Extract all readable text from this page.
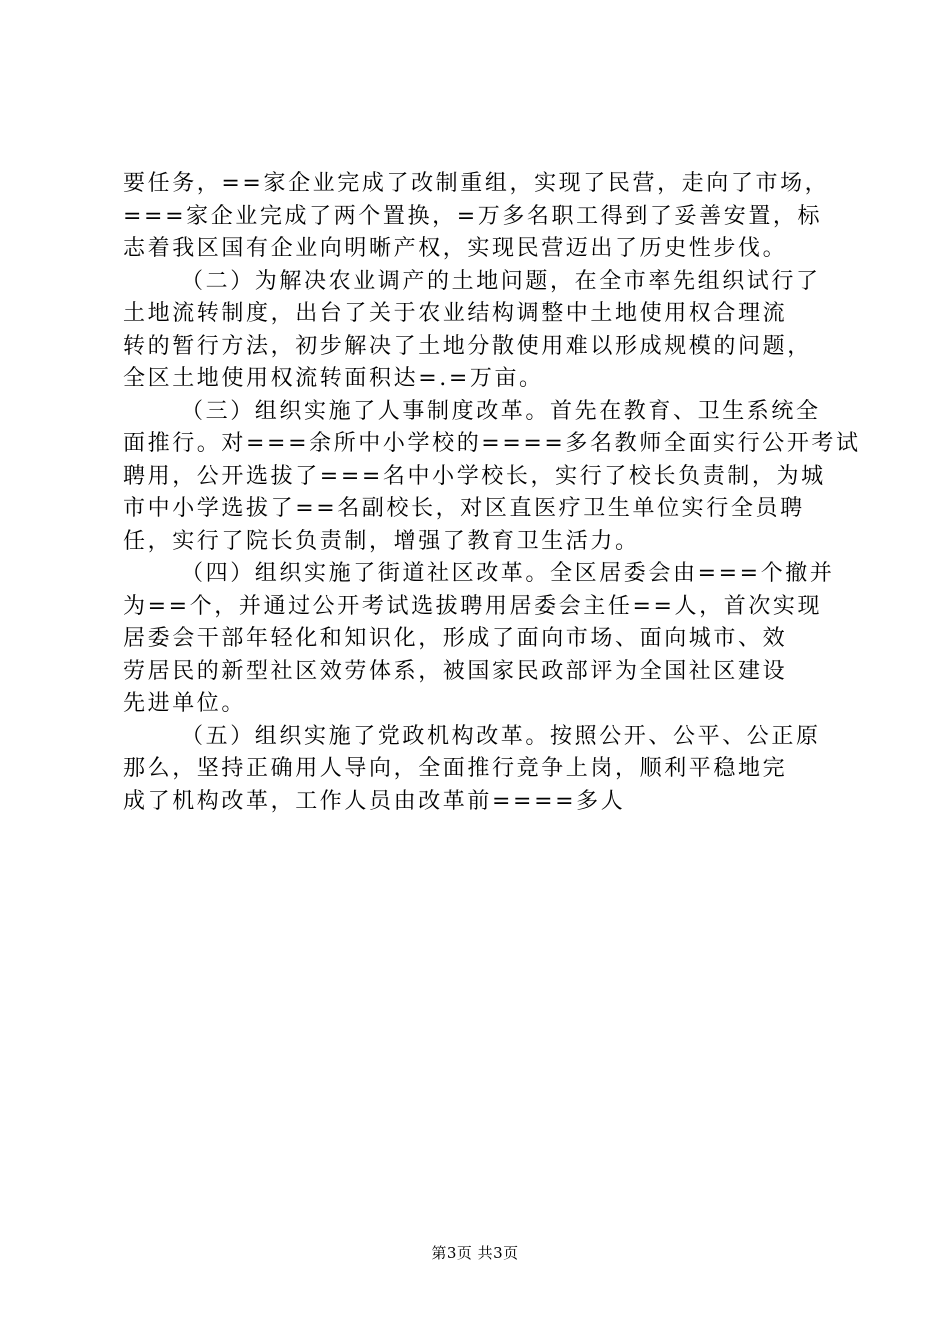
要任务，==家企业完成了改制重组，实现了民营，走向了市场，
===家企业完成了两个置换，=万多名职工得到了妥善安置，标
志着我区国有企业向明晰产权，实现民营迈出了历史性步伐。
（二）为解决农业调产的土地问题，在全市率先组织试行了
土地流转制度，出台了关于农业结构调整中土地使用权合理流
转的暂行方法，初步解决了土地分散使用难以形成规模的问题，
全区土地使用权流转面积达=.=万亩。
（三）组织实施了人事制度改革。首先在教育、卫生系统全
面推行。对===余所中小学校的====多名教师全面实行公开考试
聘用，公开选拔了===名中小学校长，实行了校长负责制，为城
市中小学选拔了==名副校长，对区直医疗卫生单位实行全员聘
任，实行了院长负责制，增强了教育卫生活力。
（四）组织实施了街道社区改革。全区居委会由===个撤并
为==个，并通过公开考试选拔聘用居委会主任==人，首次实现
居委会干部年轻化和知识化，形成了面向市场、面向城市、效
劳居民的新型社区效劳体系，被国家民政部评为全国社区建设
先进单位。
（五）组织实施了党政机构改革。按照公开、公平、公正原
那么，坚持正确用人导向，全面推行竞争上岗，顺利平稳地完
成了机构改革，工作人员由改革前====多人
第3页 共3页
